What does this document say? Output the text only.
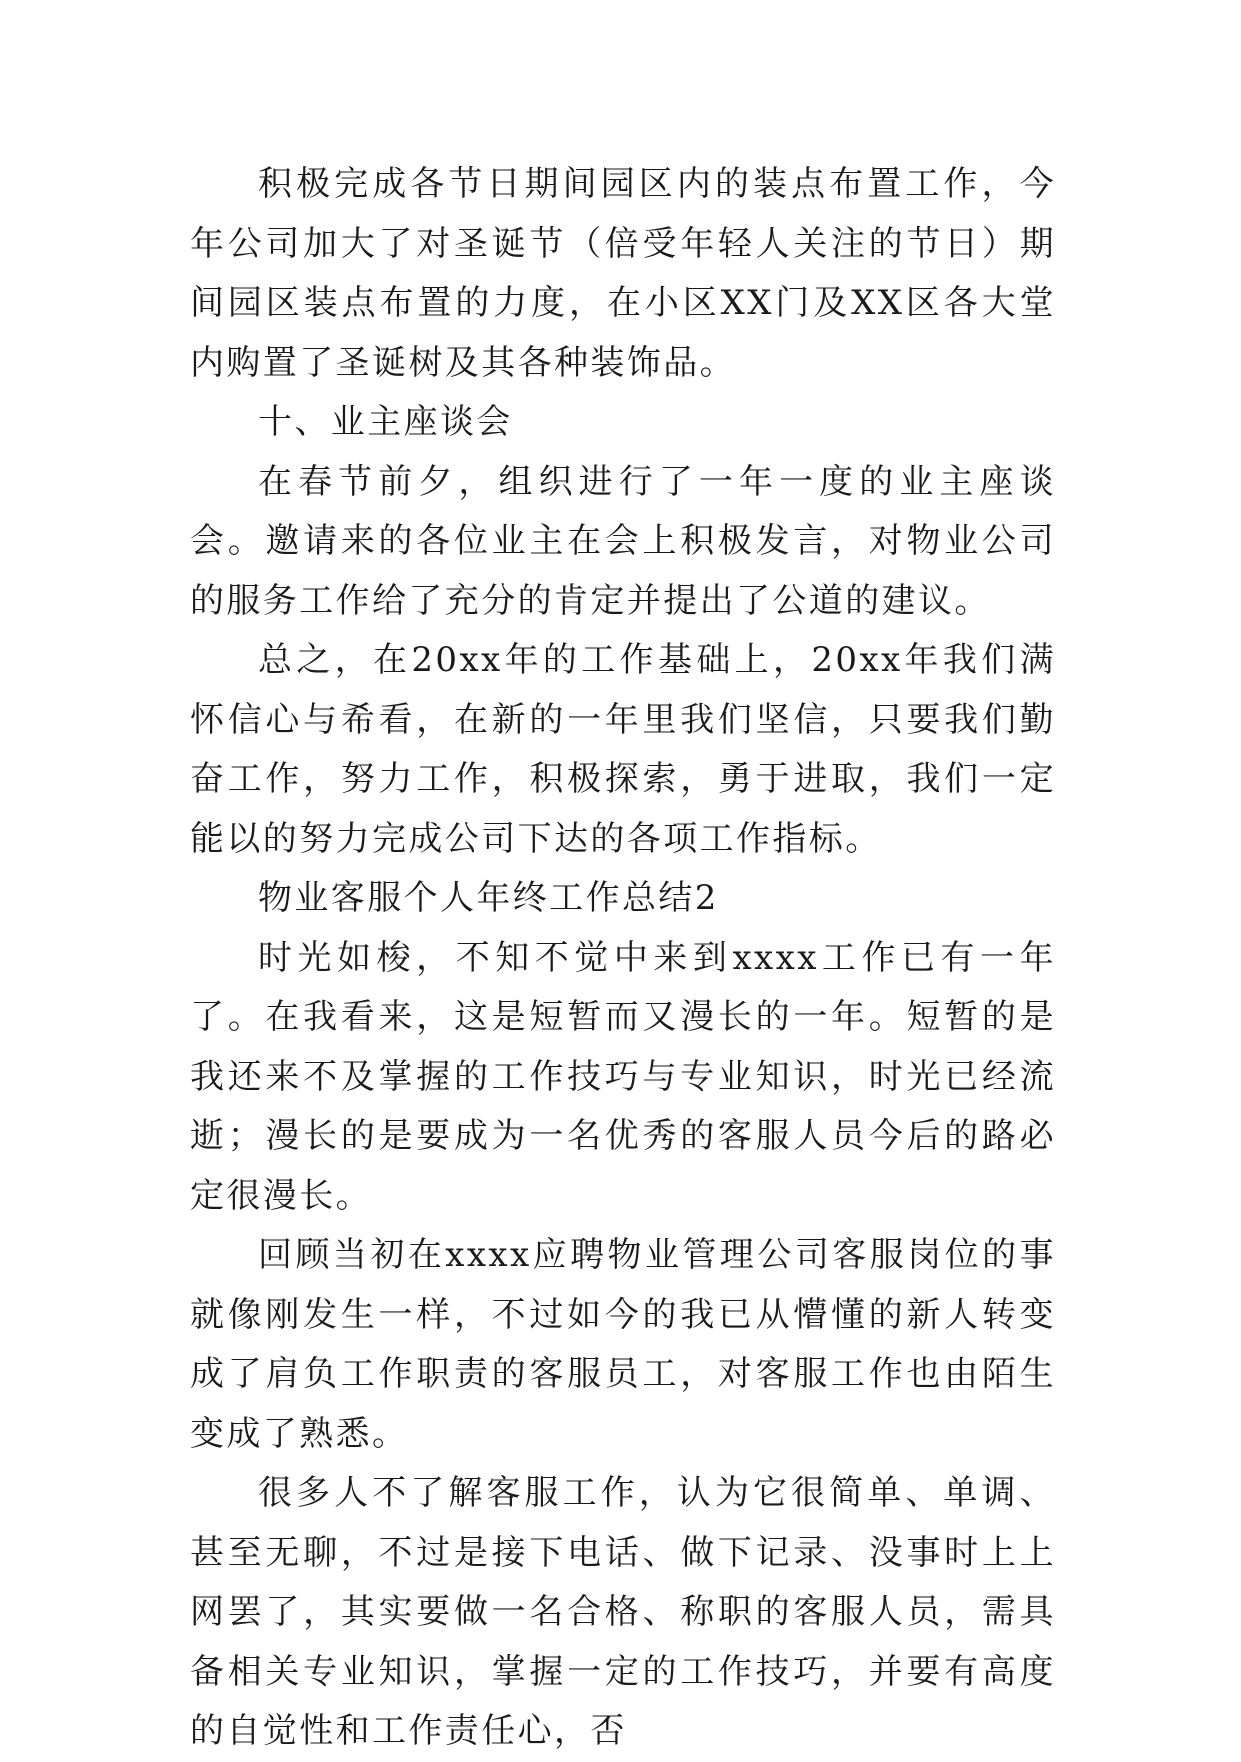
积极完成各节日期间园区内的装点布置工作，今年公司加大了对圣诞节（倍受年轻人关注的节日）期间园区装点布置的力度，在小区XX门及XX区各大堂内购置了圣诞树及其各种装饰品。

十、业主座谈会

在春节前夕，组织进行了一年一度的业主座谈会。邀请来的各位业主在会上积极发言，对物业公司的服务工作给了充分的肯定并提出了公道的建议。

总之，在20xx年的工作基础上，20xx年我们满怀信心与希看，在新的一年里我们坚信，只要我们勤奋工作，努力工作，积极探索，勇于进取，我们一定能以的努力完成公司下达的各项工作指标。

物业客服个人年终工作总结2

时光如梭，不知不觉中来到xxxx工作已有一年了。在我看来，这是短暂而又漫长的一年。短暂的是我还来不及掌握的工作技巧与专业知识，时光已经流逝；漫长的是要成为一名优秀的客服人员今后的路必定很漫长。

回顾当初在xxxx应聘物业管理公司客服岗位的事就像刚发生一样，不过如今的我已从懵懂的新人转变成了肩负工作职责的客服员工，对客服工作也由陌生变成了熟悉。

很多人不了解客服工作，认为它很简单、单调、甚至无聊，不过是接下电话、做下记录、没事时上上网罢了，其实要做一名合格、称职的客服人员，需具备相关专业知识，掌握一定的工作技巧，并要有高度的自觉性和工作责任心，否
